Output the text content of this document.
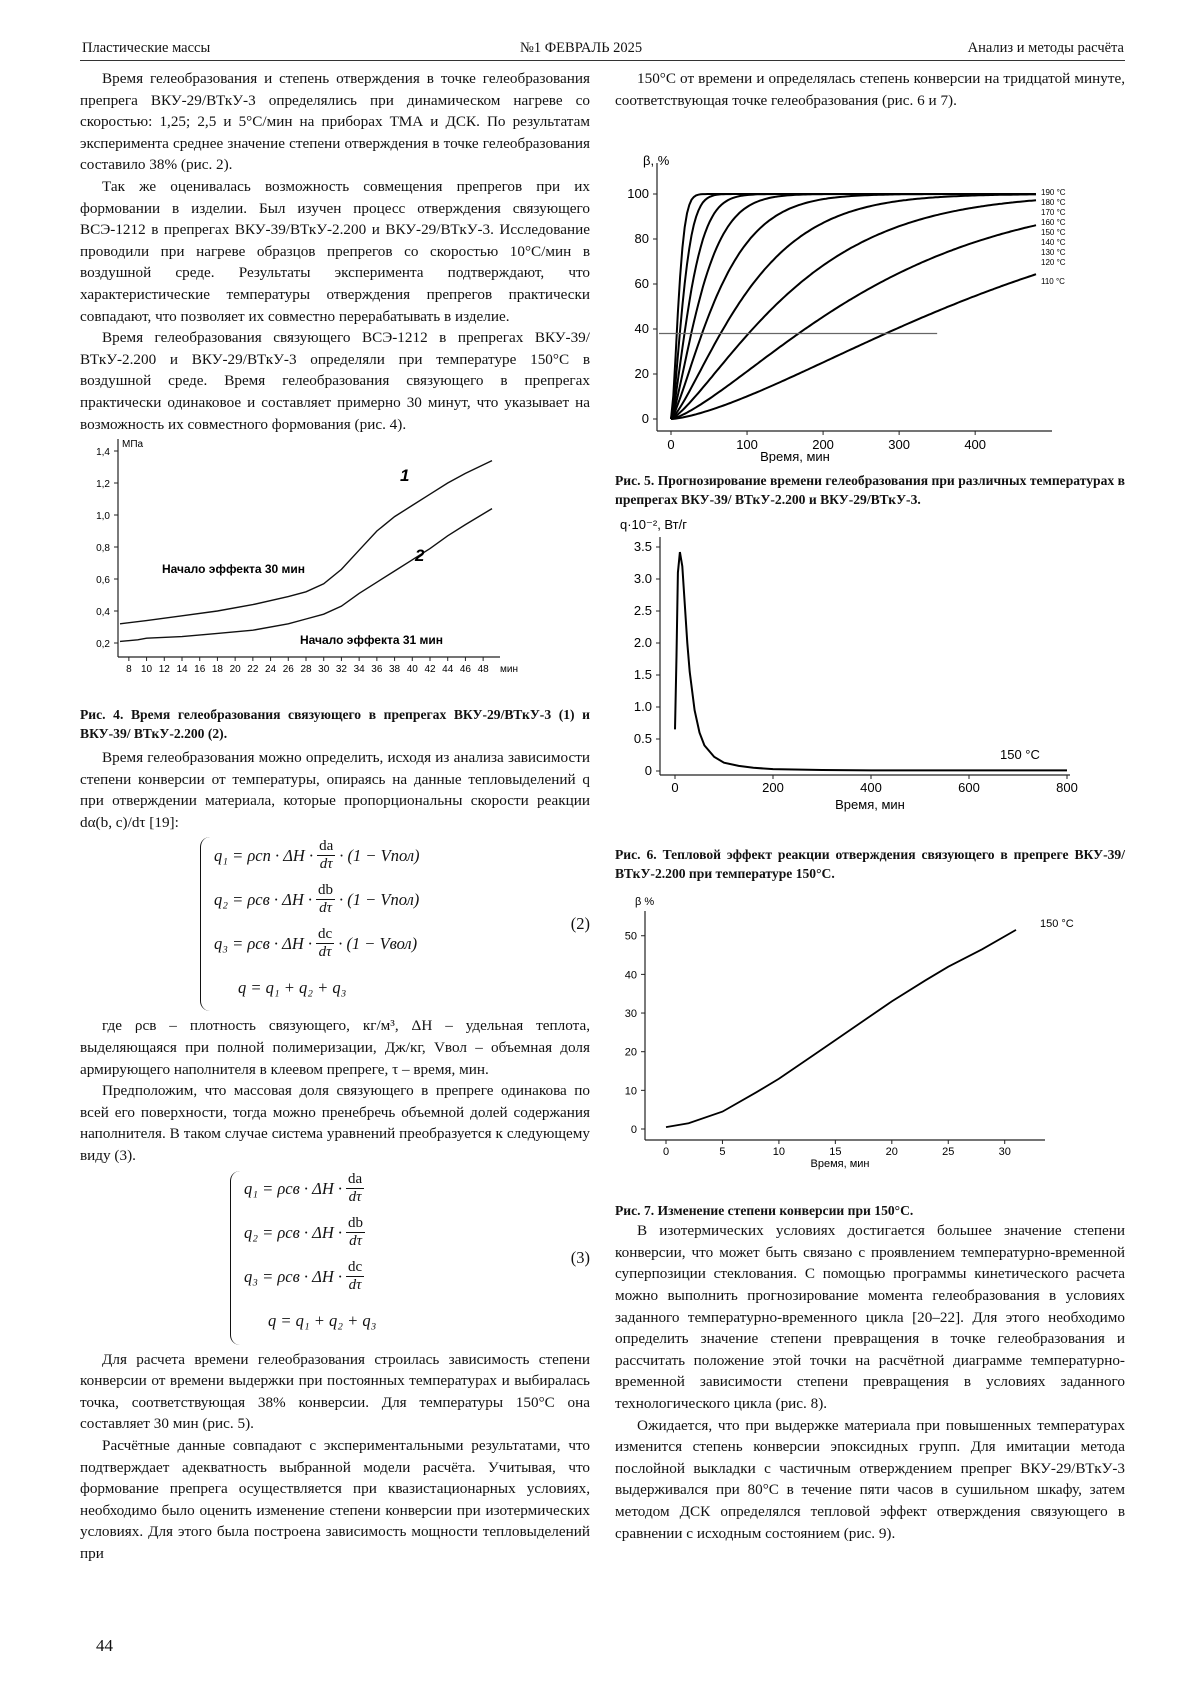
Пластические массы	№1 ФЕВРАЛЬ 2025	Анализ и методы расчёта

Время гелеобразования и степень отверждения в точке гелеобразования препрега ВКУ-29/ВТкУ-3 определялись при динамическом нагреве со скоростью: 1,25; 2,5 и 5°C/мин на приборах ТМА и ДСК. По результатам эксперимента среднее значение степени отверждения в точке гелеобразования составило 38% (рис. 2).

Так же оценивалась возможность совмещения препрегов при их формовании в изделии. Был изучен процесс отверждения связующего ВСЭ-1212 в препрегах ВКУ-39/ВТкУ-2.200 и ВКУ-29/ВТкУ-3. Исследование проводили при нагреве образцов препрегов со скоростью 10°C/мин в воздушной среде. Результаты эксперимента подтверждают, что характеристические температуры отверждения препрегов практически совпадают, что позволяет их совместно перерабатывать в изделие.

Время гелеобразования связующего ВСЭ-1212 в препрегах ВКУ-39/ВТкУ-2.200 и ВКУ-29/ВТкУ-3 определяли при температуре 150°C в воздушной среде. Время гелеобразования связующего в препрегах практически одинаковое и составляет примерно 30 минут, что указывает на возможность их совместного формования (рис. 4).

8 10 12 14 16 18 20 22 24 26 28 30 32 34 36 38 40 42 44 46 48
0,2
0,4
0,6
0,8
1,0
1,2
1,4
МПа
мин
1
2
Начало эффекта 30 мин
Начало эффекта 31 мин

Рис. 4. Время гелеобразования связующего в препрегах ВКУ-29/ВТкУ-3 (1) и ВКУ-39/ ВТкУ-2.200 (2).

Время гелеобразования можно определить, исходя из анализа зависимости степени конверсии от температуры, опираясь на данные тепловыделений q при отверждении материала, которые пропорциональны скорости реакции dα(b, c)/dτ [19]:

$q_1 = \rho сп \cdot \Delta H \cdot \frac{da}{d\tau} \cdot (1$ − Vпол)
$q_2 = \rho св \cdot \Delta H \cdot \frac{db}{d\tau} \cdot (1$ − Vпол)
$q_3 = \rho св \cdot \Delta H \cdot \frac{dc}{d\tau} \cdot (1$ − Vвол)
q = q₁ + q₂ + q₃
(2)

где ρсв – плотность связующего, кг/м³, ΔH – удельная теплота, выделяющаяся при полной полимеризации, Дж/кг, Vвол – объемная доля армирующего наполнителя в клеевом препреге, τ – время, мин.

Предположим, что массовая доля связующего в препреге одинакова по всей его поверхности, тогда можно пренебречь объемной долей содержания наполнителя. В таком случае система уравнений преобразуется к следующему виду (3).

$q_1 = \rho св \cdot \Delta H \cdot \frac{da}{d\tau}$
$q_2 = \rho св \cdot \Delta H \cdot \frac{db}{d\tau}$
$q_3 = \rho св \cdot \Delta H \cdot \frac{dc}{d\tau}$
q = q₁ + q₂ + q₃
(3)

Для расчета времени гелеобразования строилась зависимость степени конверсии от времени выдержки при постоянных температурах и выбиралась точка, соответствующая 38% конверсии. Для температуры 150°C она составляет 30 мин (рис. 5).

Расчётные данные совпадают с экспериментальными результатами, что подтверждает адекватность выбранной модели расчёта. Учитывая, что формование препрега осуществляется при квазистационарных условиях, необходимо было оценить изменение степени конверсии при изотермических условиях. Для этого была построена зависимость мощности тепловыделений при

150°C от времени и определялась степень конверсии на тридцатой минуте, соответствующая точке гелеобразования (рис. 6 и 7).

0	100	200	300	400
0
20
40
60
80
100
β, %
Время, мин
190 °C
180 °C
170 °C
160 °C
150 °C
140 °C
130 °C
120 °C
110 °C

Рис. 5. Прогнозирование времени гелеобразования при различных температурах в препрегах ВКУ-39/ ВТкУ-2.200 и ВКУ-29/ВТкУ-3.

0	200	400	600	800
0
0.5
1.0
1.5
2.0
2.5
3.0
3.5
q·10⁻², Вт/г
Время, мин
150 °C

Рис. 6. Тепловой эффект реакции отверждения связующего в препреге ВКУ-39/ВТкУ-2.200 при температуре 150°C.

0	5	10	15	20	25	30
0
10
20
30
40
50
β %
Время, мин
150 °C

Рис. 7. Изменение степени конверсии при 150°C.

В изотермических условиях достигается большее значение степени конверсии, что может быть связано с проявлением температурно-временной суперпозиции стеклования. С помощью программы кинетического расчета можно выполнить прогнозирование момента гелеобразования в условиях заданного температурно-временного цикла [20–22]. Для этого необходимо определить значение степени превращения в точке гелеобразования и рассчитать положение этой точки на расчётной диаграмме температурно-временной зависимости степени превращения в условиях заданного технологического цикла (рис. 8).

Ожидается, что при выдержке материала при повышенных температурах изменится степень конверсии эпоксидных групп. Для имитации метода послойной выкладки с частичным отверждением препрег ВКУ-29/ВТкУ-3 выдерживался при 80°C в течение пяти часов в сушильном шкафу, затем методом ДСК определялся тепловой эффект отверждения связующего в сравнении с исходным состоянием (рис. 9).

44
